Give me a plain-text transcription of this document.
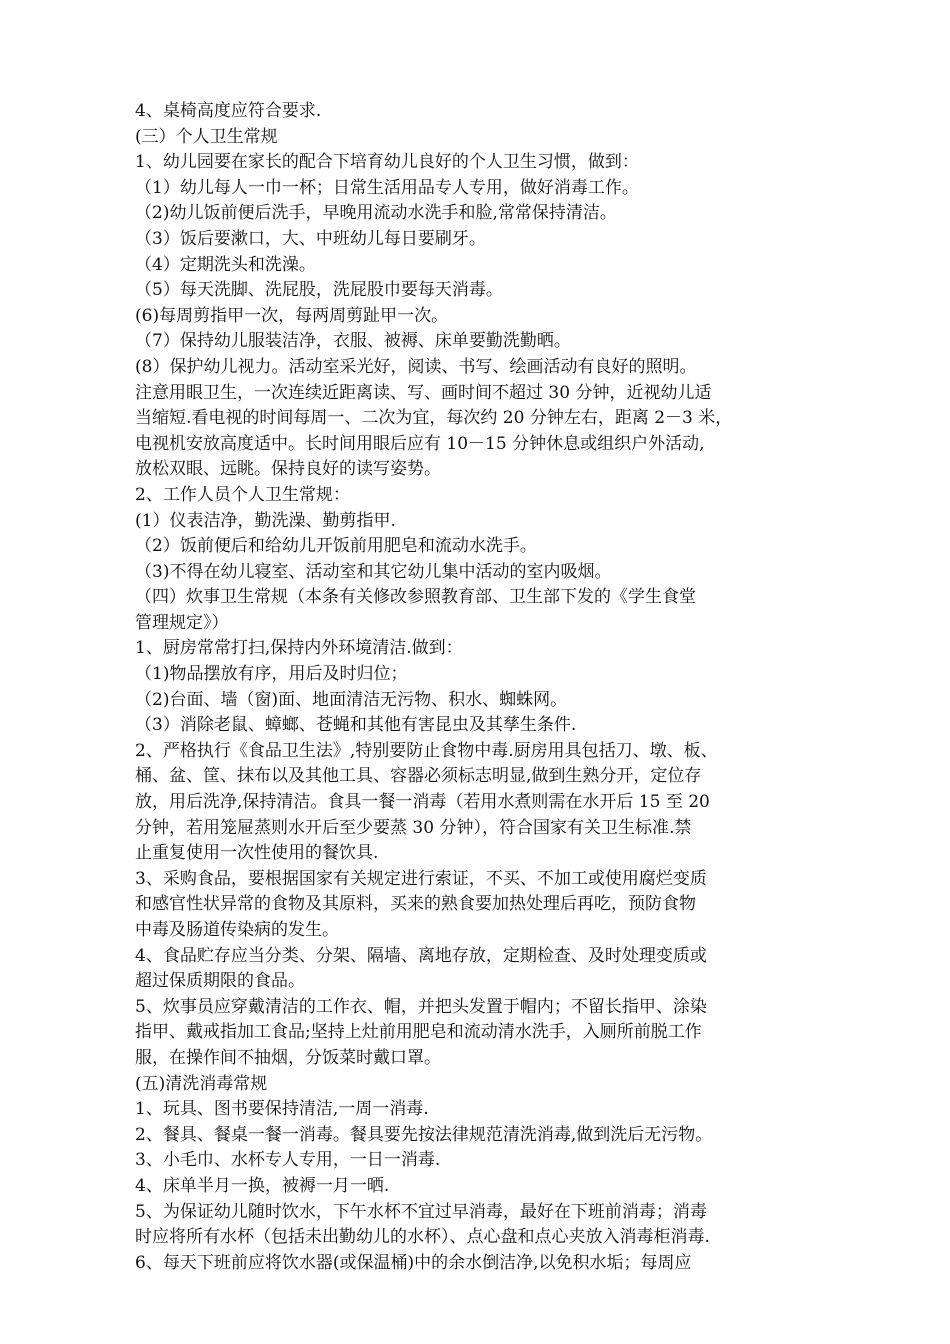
4、桌椅高度应符合要求.
(三）个人卫生常规
1、幼儿园要在家长的配合下培育幼儿良好的个人卫生习惯，做到：
（1）幼儿每人一巾一杯；日常生活用品专人专用，做好消毒工作。
（2)幼儿饭前便后洗手，早晚用流动水洗手和脸,常常保持清洁。
（3）饭后要漱口，大、中班幼儿每日要刷牙。
（4）定期洗头和洗澡。
（5）每天洗脚、洗屁股，洗屁股巾要每天消毒。
(6)每周剪指甲一次，每两周剪趾甲一次。
（7）保持幼儿服装洁净，衣服、被褥、床单要勤洗勤晒。
(8）保护幼儿视力。活动室采光好，阅读、书写、绘画活动有良好的照明。
注意用眼卫生，一次连续近距离读、写、画时间不超过 30 分钟，近视幼儿适
当缩短.看电视的时间每周一、二次为宜，每次约 20 分钟左右，距离 2－3 米，
电视机安放高度适中。长时间用眼后应有 10－15 分钟休息或组织户外活动,
放松双眼、远眺。保持良好的读写姿势。
2、工作人员个人卫生常规：
(1）仪表洁净，勤洗澡、勤剪指甲.
（2）饭前便后和给幼儿开饭前用肥皂和流动水洗手。
（3)不得在幼儿寝室、活动室和其它幼儿集中活动的室内吸烟。
（四）炊事卫生常规（本条有关修改参照教育部、卫生部下发的《学生食堂
管理规定》）
1、厨房常常打扫,保持内外环境清洁.做到：
（1)物品摆放有序，用后及时归位；
（2)台面、墙（窗)面、地面清洁无污物、积水、蜘蛛网。
（3）消除老鼠、蟑螂、苍蝇和其他有害昆虫及其孳生条件.
2、严格执行《食品卫生法》,特别要防止食物中毒.厨房用具包括刀、墩、板、
桶、盆、筐、抹布以及其他工具、容器必须标志明显,做到生熟分开，定位存
放，用后洗净,保持清洁。食具一餐一消毒（若用水煮则需在水开后 15 至 20
分钟，若用笼屉蒸则水开后至少要蒸 30 分钟），符合国家有关卫生标准.禁
止重复使用一次性使用的餐饮具.
3、采购食品，要根据国家有关规定进行索证，不买、不加工或使用腐烂变质
和感官性状异常的食物及其原料，买来的熟食要加热处理后再吃，预防食物
中毒及肠道传染病的发生。
4、食品贮存应当分类、分架、隔墙、离地存放，定期检查、及时处理变质或
超过保质期限的食品。
5、炊事员应穿戴清洁的工作衣、帽，并把头发置于帽内；不留长指甲、涂染
指甲、戴戒指加工食品;坚持上灶前用肥皂和流动清水洗手，入厕所前脱工作
服，在操作间不抽烟，分饭菜时戴口罩。
(五)清洗消毒常规
1、玩具、图书要保持清洁,一周一消毒.
2、餐具、餐桌一餐一消毒。餐具要先按法律规范清洗消毒,做到洗后无污物。
3、小毛巾、水杯专人专用，一日一消毒.
4、床单半月一换，被褥一月一晒.
5、为保证幼儿随时饮水，下午水杯不宜过早消毒，最好在下班前消毒；消毒
时应将所有水杯（包括未出勤幼儿的水杯）、点心盘和点心夹放入消毒柜消毒.
6、每天下班前应将饮水器(或保温桶)中的余水倒洁净,以免积水垢；每周应
